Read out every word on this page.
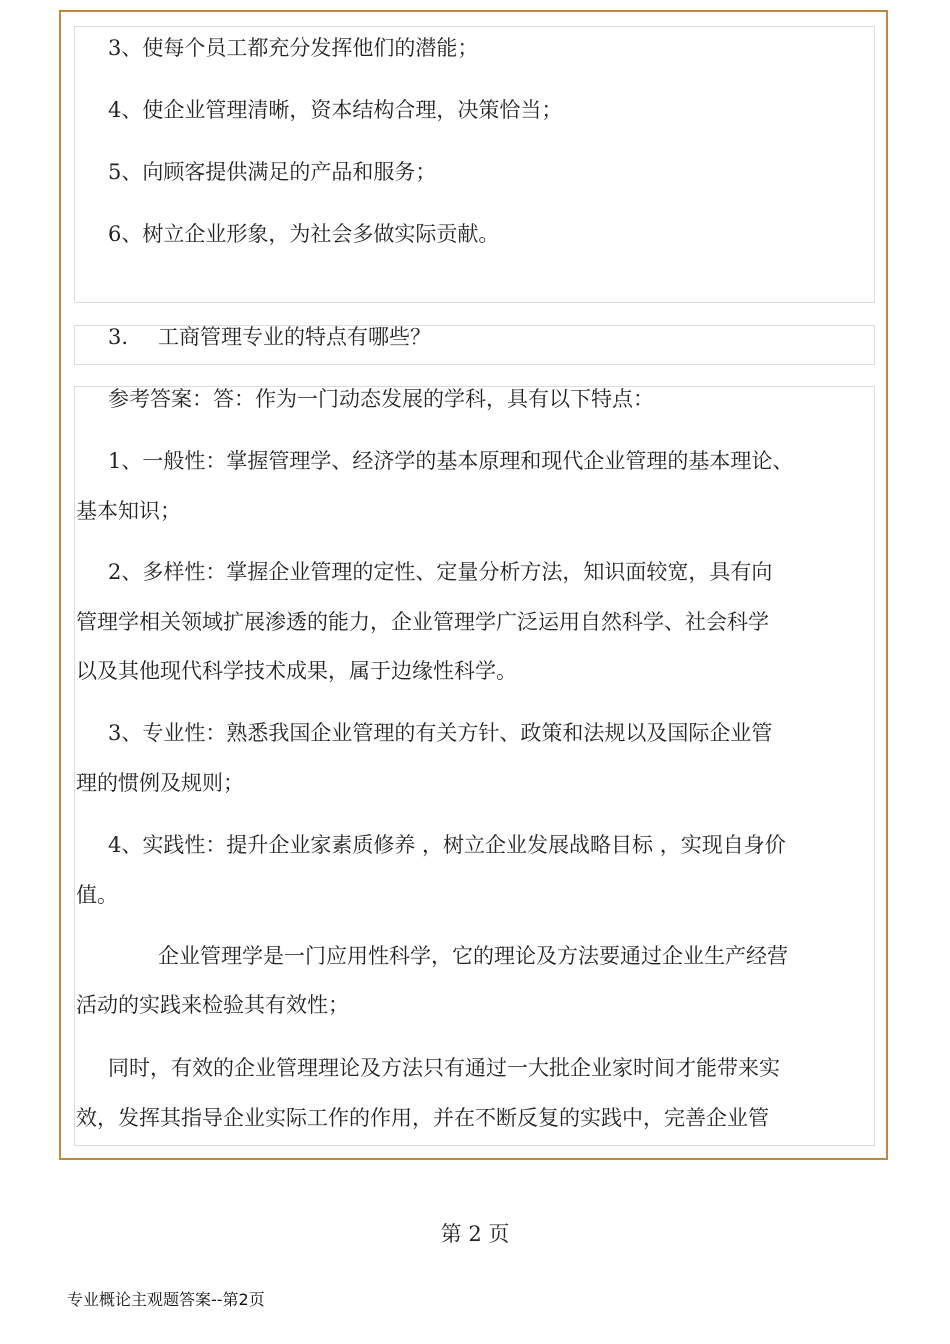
3、使每个员工都充分发挥他们的潜能；
4、使企业管理清晰，资本结构合理，决策恰当；
5、向顾客提供满足的产品和服务；
6、树立企业形象，为社会多做实际贡献。
3. 工商管理专业的特点有哪些？
参考答案：答：作为一门动态发展的学科，具有以下特点：
1、一般性：掌握管理学、经济学的基本原理和现代企业管理的基本理论、
基本知识；
2、多样性：掌握企业管理的定性、定量分析方法，知识面较宽，具有向
管理学相关领域扩展渗透的能力，企业管理学广泛运用自然科学、社会科学
以及其他现代科学技术成果，属于边缘性科学。
3、专业性：熟悉我国企业管理的有关方针、政策和法规以及国际企业管
理的惯例及规则；
4、实践性：提升企业家素质修养 ，树立企业发展战略目标 ，实现自身价
值。
企业管理学是一门应用性科学，它的理论及方法要通过企业生产经营
活动的实践来检验其有效性；
同时，有效的企业管理理论及方法只有通过一大批企业家时间才能带来实
效，发挥其指导企业实际工作的作用，并在不断反复的实践中，完善企业管
第 2 页
专业概论主观题答案--第2页
